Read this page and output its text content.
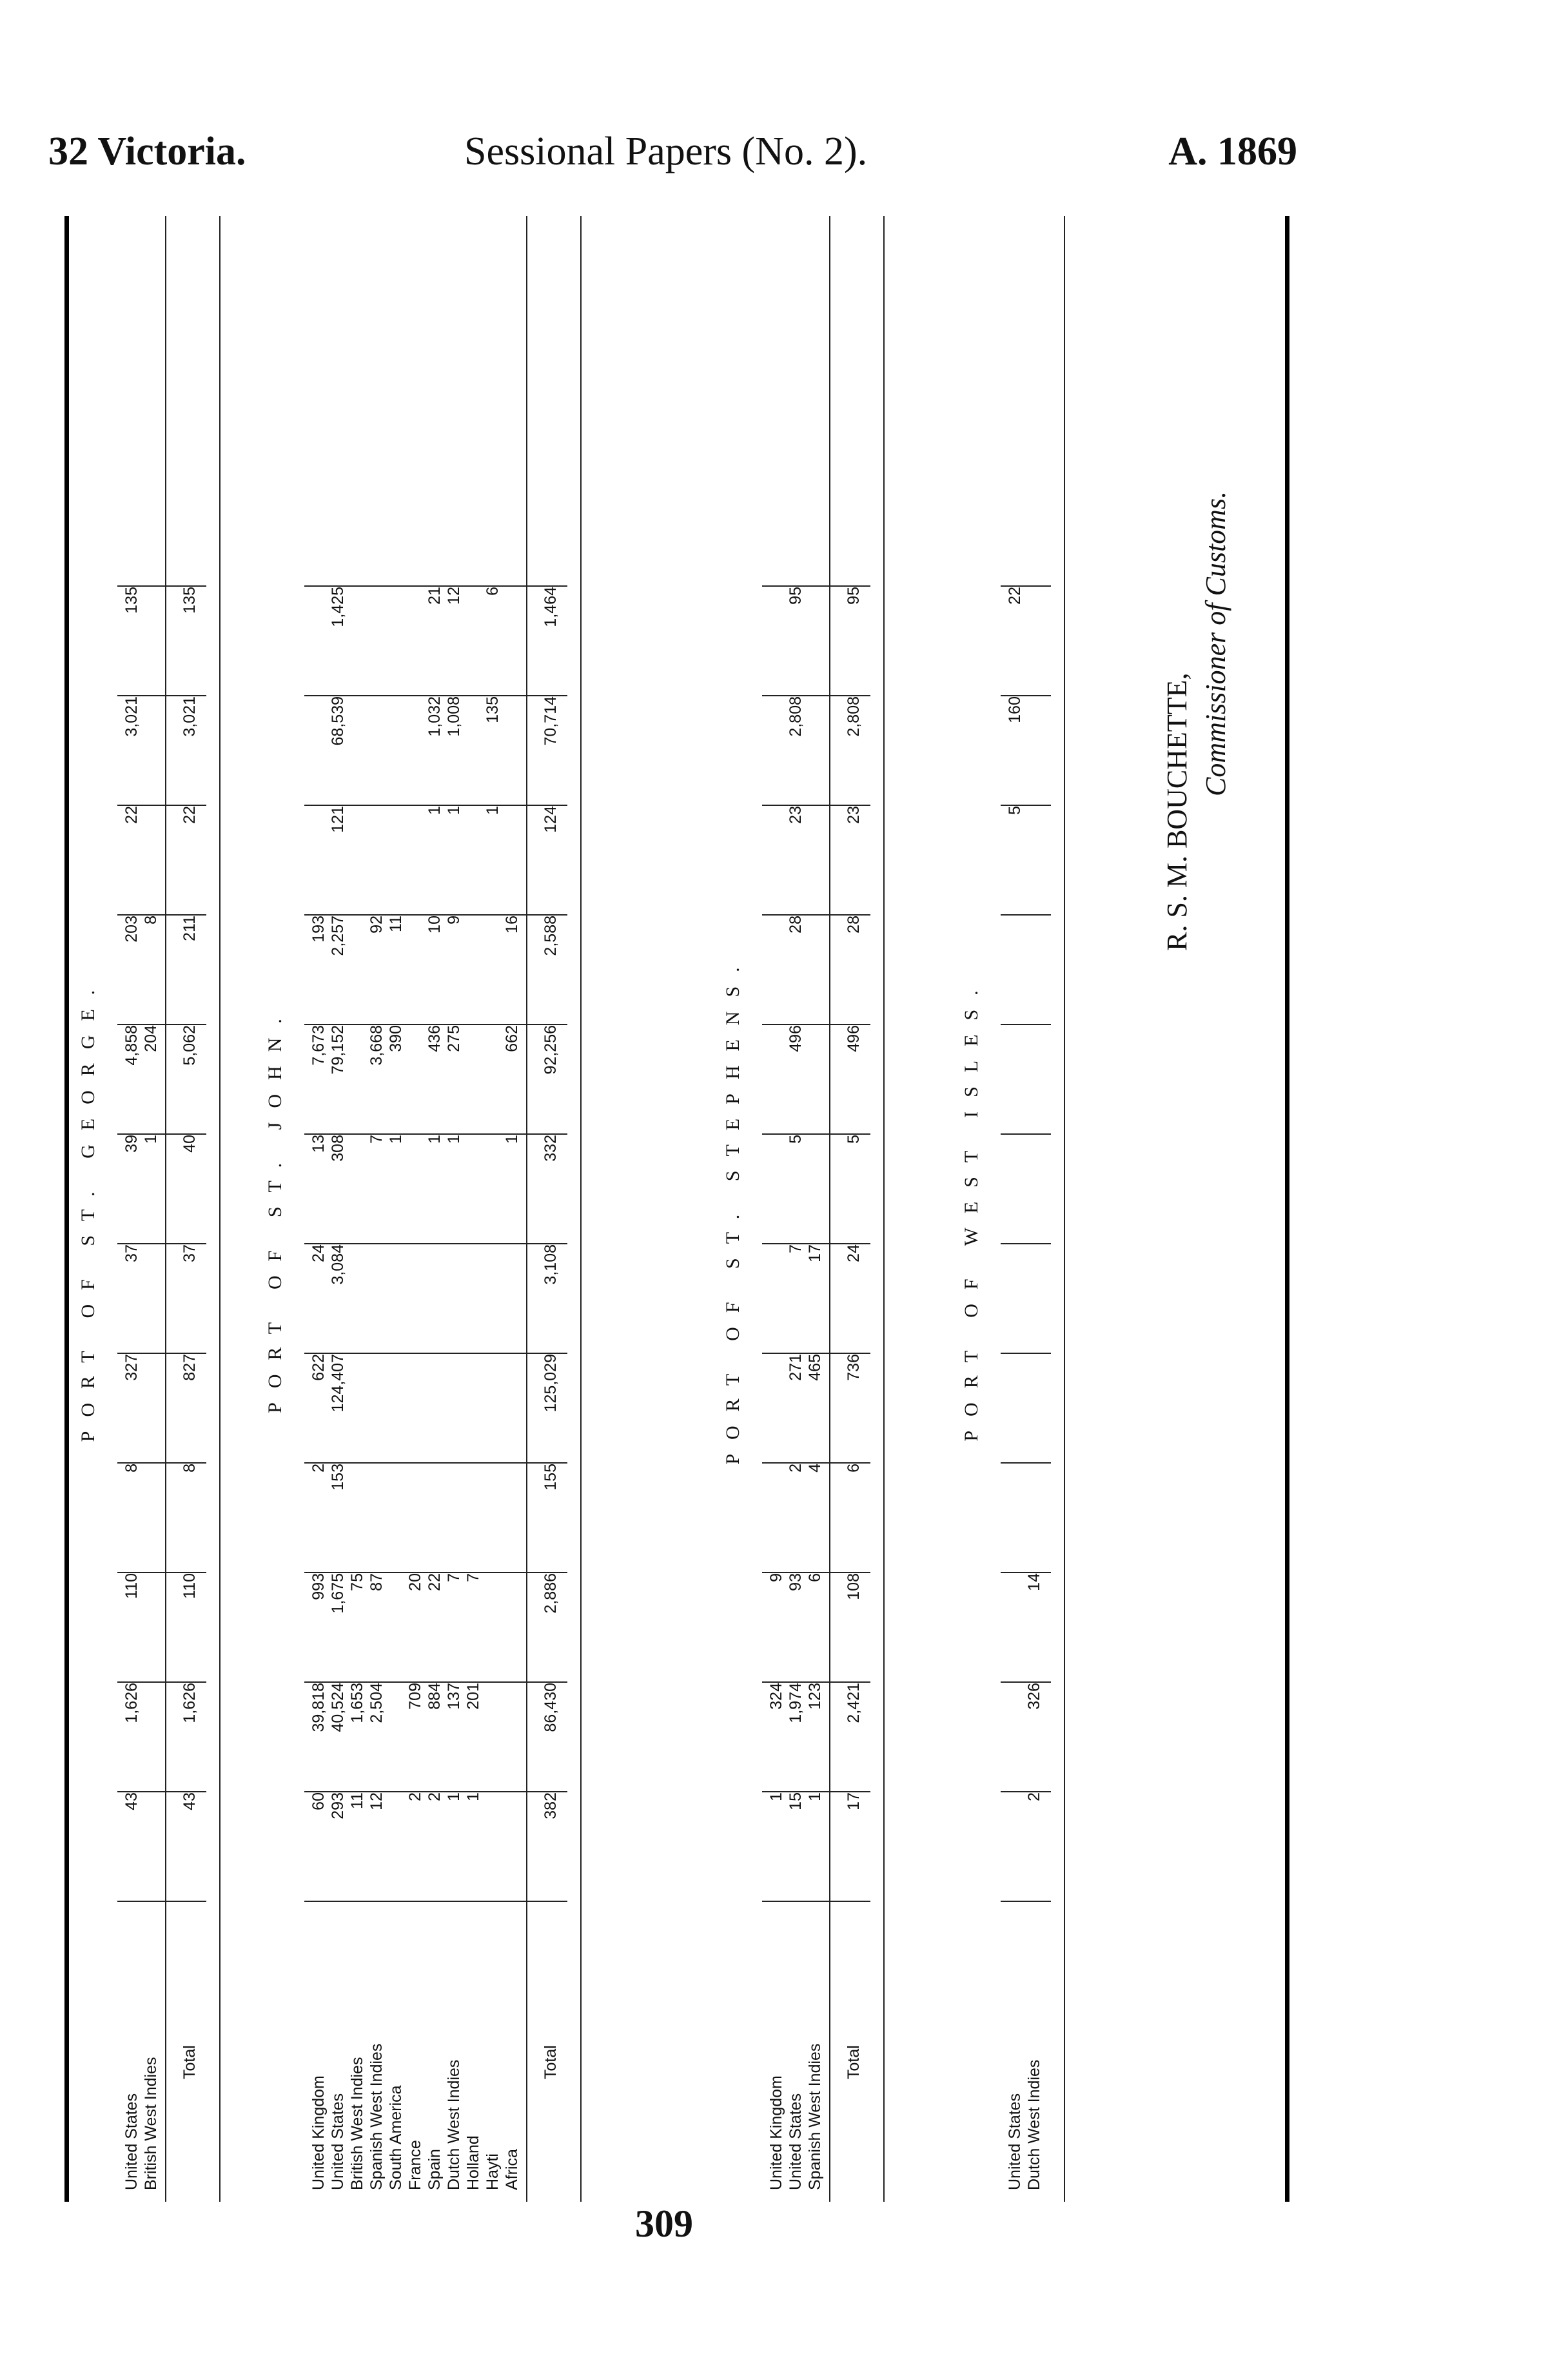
32 Victoria.	Sessional Papers (No. 2).	A. 1869
PORT OF ST. GEORGE.
United States
43
1,626
110
8
327
37
39
4,858
203
22
3,021
135
British West Indies
1
204
8
Total
43
1,626
110
8
827
37
40
5,062
211
22
3,021
135
PORT OF ST. JOHN.
United Kingdom
60
39,818
993
2
622
24
13
7,673
193
United States
293
40,524
1,675
153
124,407
3,084
308
79,152
2,257
121
68,539
1,425
British West Indies
11
1,653
75
Spanish West Indies
12
2,504
87
7
3,668
92
South America
1
390
11
France
2
709
20
Spain
2
884
22
1
436
10
1
1,032
21
Dutch West Indies
1
137
7
1
275
9
1
1,008
12
Holland
1
201
7
Hayti
1
135
6
Africa
1
662
16
Total
382
86,430
2,886
155
125,029
3,108
332
92,256
2,588
124
70,714
1,464
PORT OF ST. STEPHENS.
United Kingdom
1
324
9
United States
15
1,974
93
2
271
7
5
496
28
23
2,808
95
Spanish West Indies
1
123
6
4
465
17
Total
17
2,421
108
6
736
24
5
496
28
23
2,808
95
PORT OF WEST ISLES.
United States
5
160
22
Dutch West Indies
2
326
14
R. S. M. BOUCHETTE,
Commissioner of Customs.
309
